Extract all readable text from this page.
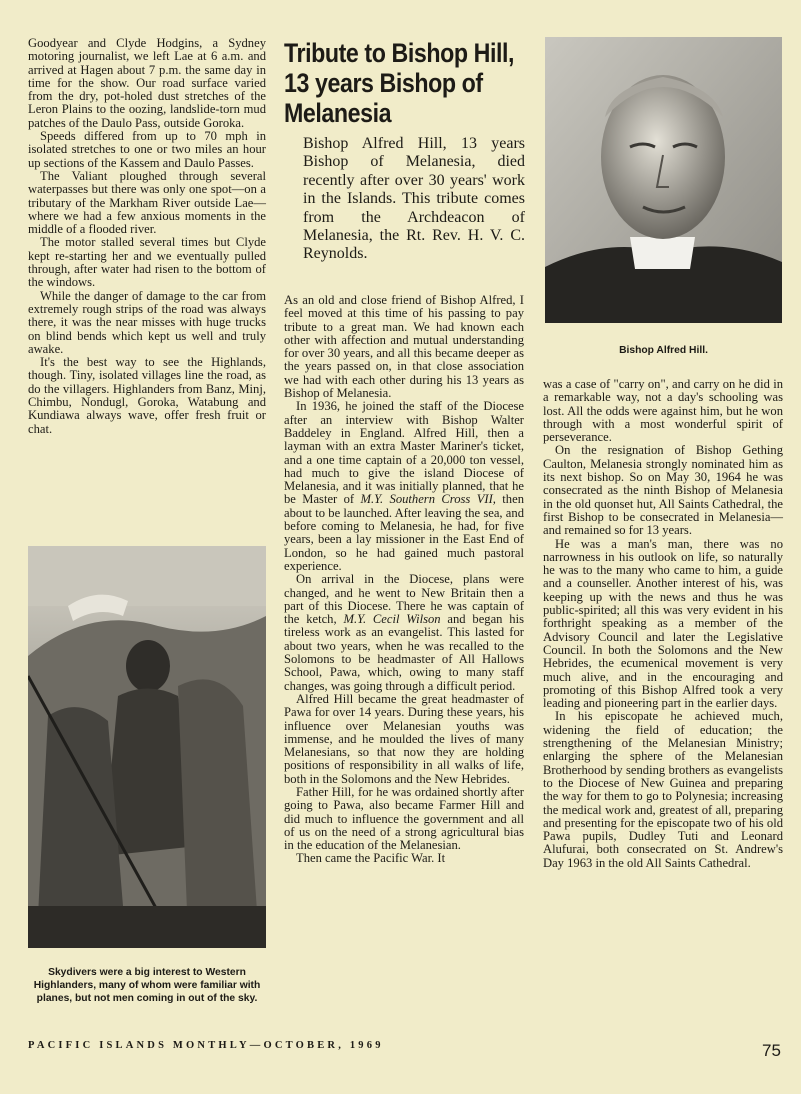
Goodyear and Clyde Hodgins, a Sydney motoring journalist, we left Lae at 6 a.m. and arrived at Hagen about 7 p.m. the same day in time for the show. Our road surface varied from the dry, pot-holed dust stretches of the Leron Plains to the oozing, landslide-torn mud patches of the Daulo Pass, outside Goroka.

Speeds differed from up to 70 mph in isolated stretches to one or two miles an hour up sections of the Kassem and Daulo Passes.

The Valiant ploughed through several waterpasses but there was only one spot—on a tributary of the Markham River outside Lae—where we had a few anxious moments in the middle of a flooded river.

The motor stalled several times but Clyde kept re-starting her and we eventually pulled through, after water had risen to the bottom of the windows.

While the danger of damage to the car from extremely rough strips of the road was always there, it was the near misses with huge trucks on blind bends which kept us well and truly awake.

It's the best way to see the Highlands, though. Tiny, isolated villages line the road, as do the villagers. Highlanders from Banz, Minj, Chimbu, Nondugl, Goroka, Watabung and Kundiawa always wave, offer fresh fruit or chat.

Skydivers were a big interest to Western Highlanders, many of whom were familiar with planes, but not men coming in out of the sky.

Tribute to Bishop Hill, 13 years Bishop of Melanesia

Bishop Alfred Hill, 13 years Bishop of Melanesia, died recently after over 30 years' work in the Islands. This tribute comes from the Archdeacon of Melanesia, the Rt. Rev. H. V. C. Reynolds.

As an old and close friend of Bishop Alfred, I feel moved at this time of his passing to pay tribute to a great man. We had known each other with affection and mutual understanding for over 30 years, and all this became deeper as the years passed on, in that close association we had with each other during his 13 years as Bishop of Melanesia.

In 1936, he joined the staff of the Diocese after an interview with Bishop Walter Baddeley in England. Alfred Hill, then a layman with an extra Master Mariner's ticket, and a one time captain of a 20,000 ton vessel, had much to give the island Diocese of Melanesia, and it was initially planned, that he be Master of M.Y. Southern Cross VII, then about to be launched. After leaving the sea, and before coming to Melanesia, he had, for five years, been a lay missioner in the East End of London, so he had gained much pastoral experience.

On arrival in the Diocese, plans were changed, and he went to New Britain then a part of this Diocese. There he was captain of the ketch, M.Y. Cecil Wilson and began his tireless work as an evangelist. This lasted for about two years, when he was recalled to the Solomons to be headmaster of All Hallows School, Pawa, which, owing to many staff changes, was going through a difficult period.

Alfred Hill became the great headmaster of Pawa for over 14 years. During these years, his influence over Melanesian youths was immense, and he moulded the lives of many Melanesians, so that now they are holding positions of responsibility in all walks of life, both in the Solomons and the New Hebrides.

Father Hill, for he was ordained shortly after going to Pawa, also became Farmer Hill and did much to influence the government and all of us on the need of a strong agricultural bias in the education of the Melanesian.

Then came the Pacific War. It

Bishop Alfred Hill.

was a case of "carry on", and carry on he did in a remarkable way, not a day's schooling was lost. All the odds were against him, but he won through with a most wonderful spirit of perseverance.

On the resignation of Bishop Gething Caulton, Melanesia strongly nominated him as its next bishop. So on May 30, 1964 he was consecrated as the ninth Bishop of Melanesia in the old quonset hut, All Saints Cathedral, the first Bishop to be consecrated in Melanesia—and remained so for 13 years.

He was a man's man, there was no narrowness in his outlook on life, so naturally he was to the many who came to him, a guide and a counseller. Another interest of his, was keeping up with the news and thus he was public-spirited; all this was very evident in his forthright speaking as a member of the Advisory Council and later the Legislative Council. In both the Solomons and the New Hebrides, the ecumenical movement is very much alive, and in the encouraging and promoting of this Bishop Alfred took a very leading and pioneering part in the earlier days.

In his episcopate he achieved much, widening the field of education; the strengthening of the Melanesian Ministry; enlarging the sphere of the Melanesian Brotherhood by sending brothers as evangelists to the Diocese of New Guinea and preparing the way for them to go to Polynesia; increasing the medical work and, greatest of all, preparing and presenting for the episcopate two of his old Pawa pupils, Dudley Tuti and Leonard Alufurai, both consecrated on St. Andrew's Day 1963 in the old All Saints Cathedral.

PACIFIC ISLANDS MONTHLY—OCTOBER, 1969	75
